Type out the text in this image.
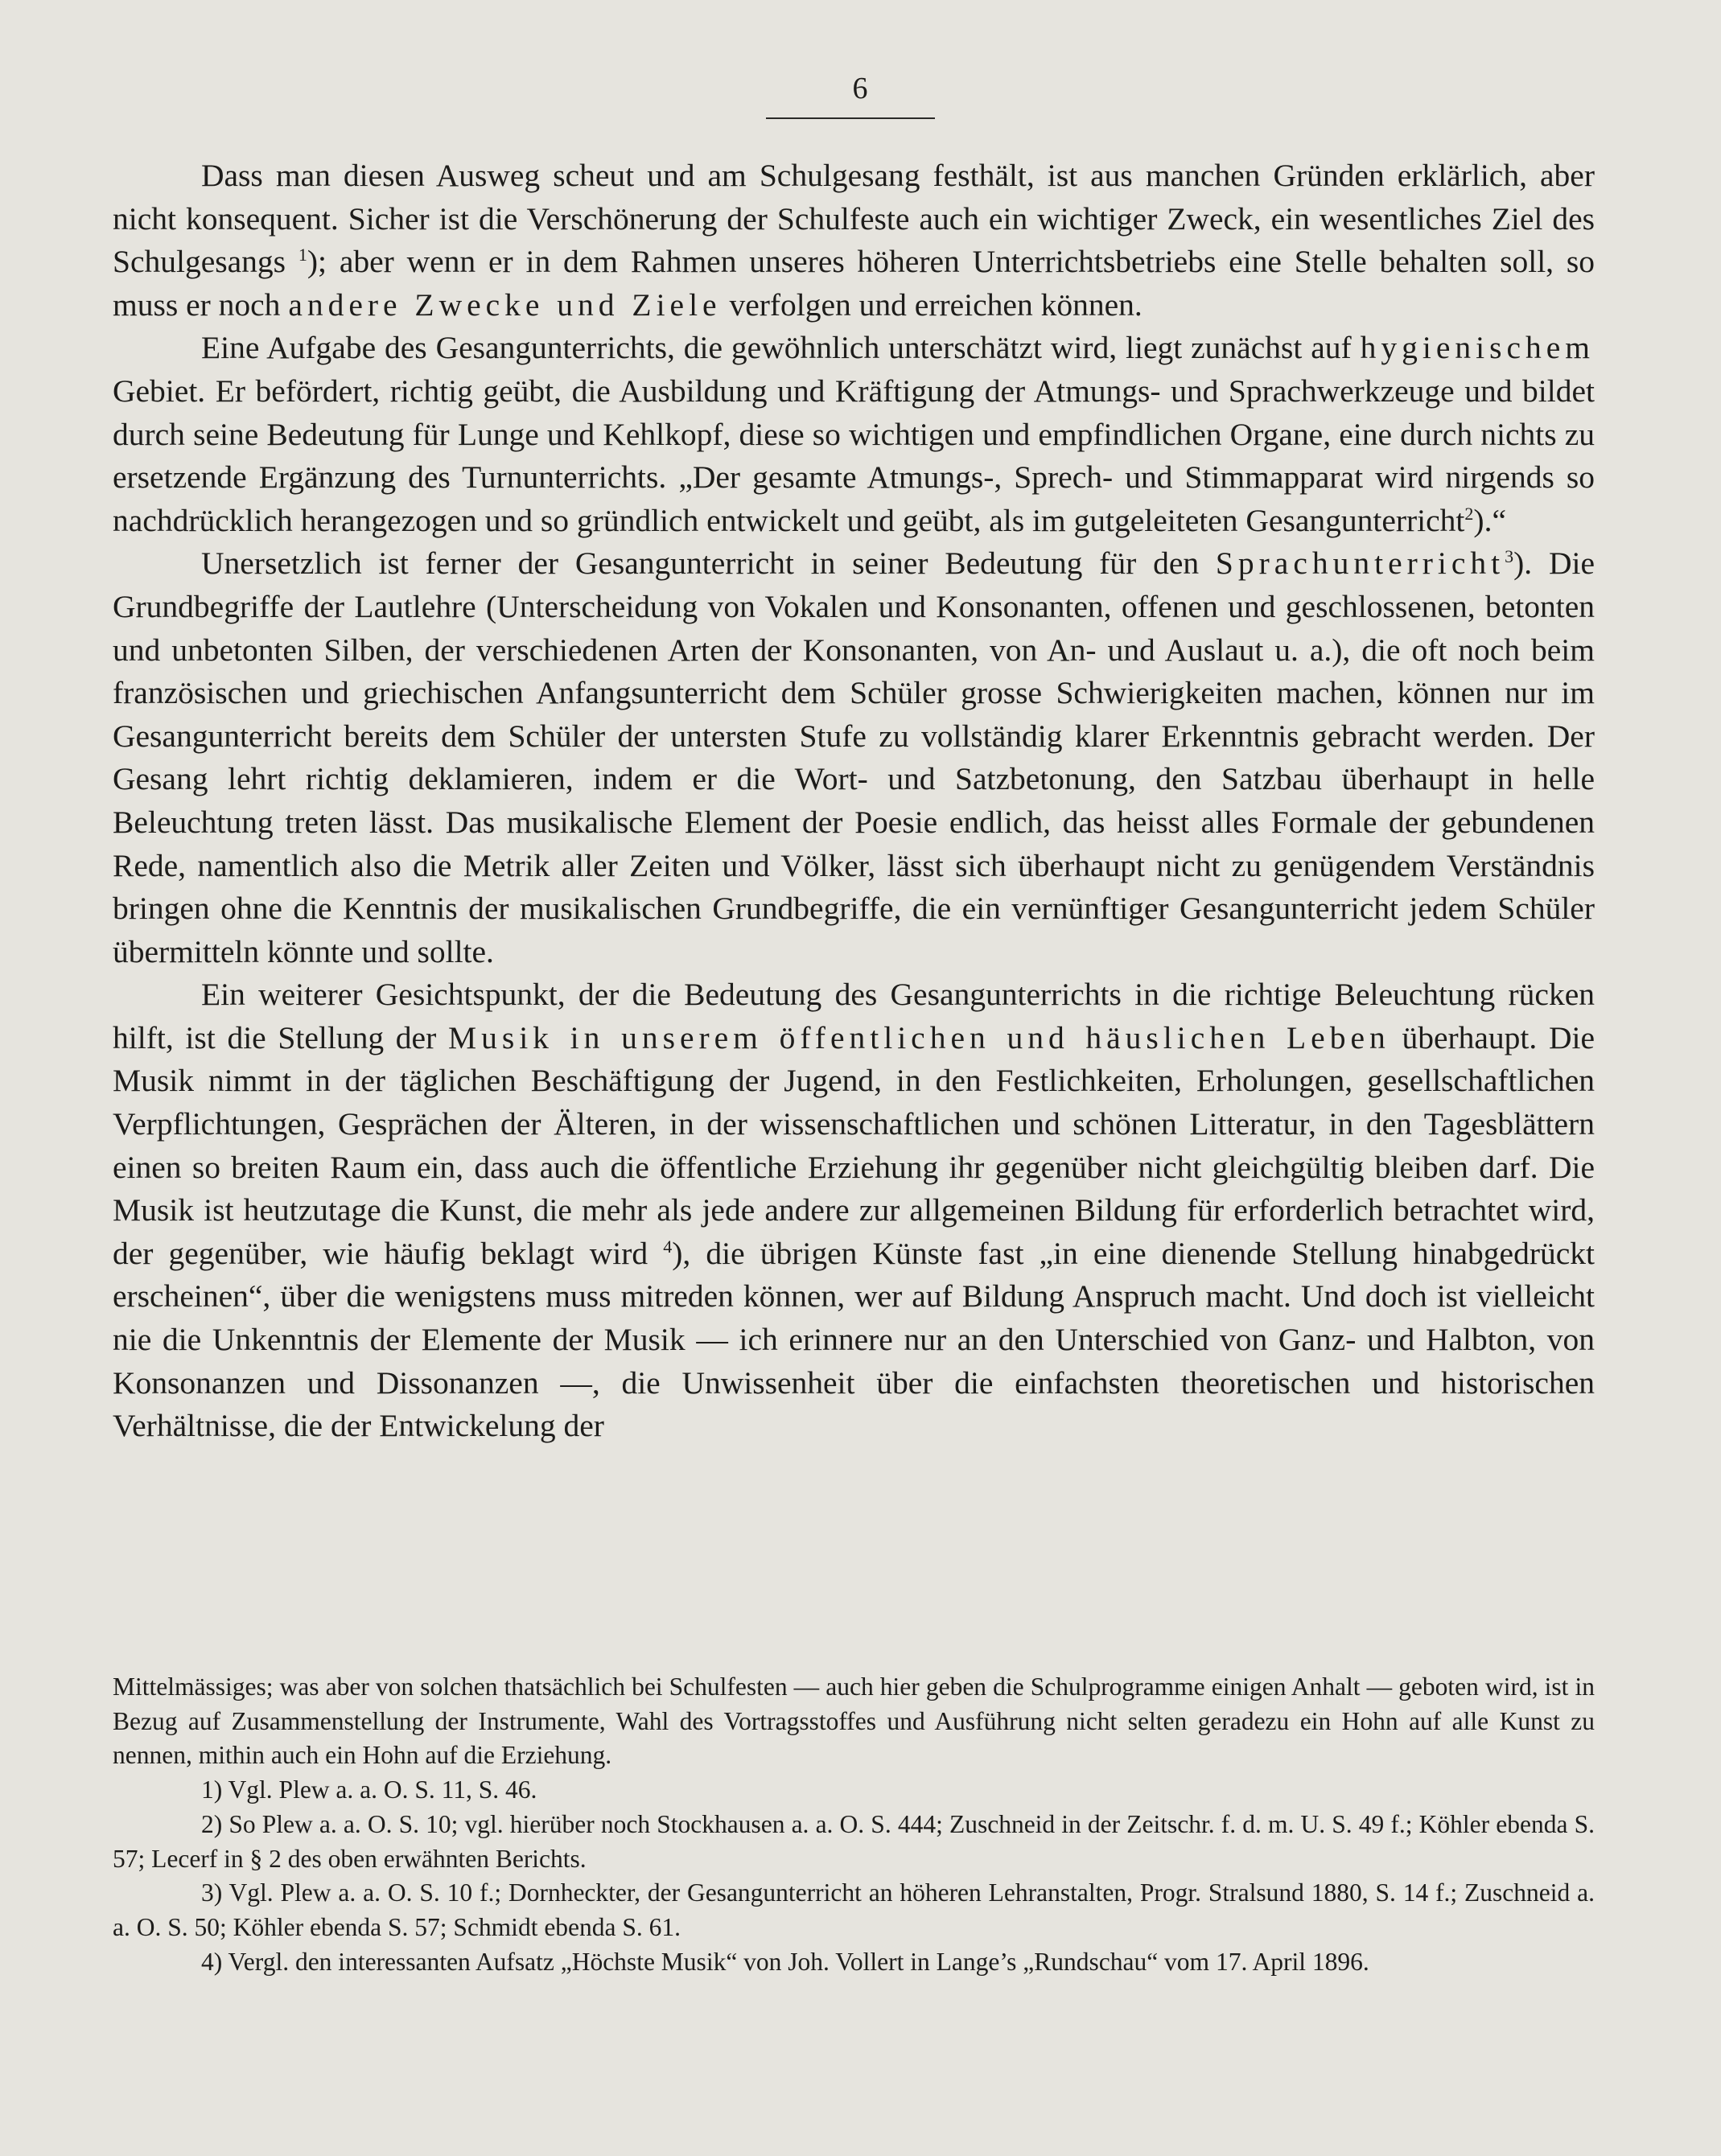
6

Dass man diesen Ausweg scheut und am Schulgesang festhält, ist aus manchen Gründen erklärlich, aber nicht konsequent. Sicher ist die Verschönerung der Schulfeste auch ein wichtiger Zweck, ein wesentliches Ziel des Schulgesangs $^1$); aber wenn er in dem Rahmen unseres höheren Unterrichtsbetriebs eine Stelle behalten soll, so muss er noch andere Zwecke und Ziele verfolgen und erreichen können.

Eine Aufgabe des Gesangunterrichts, die gewöhnlich unterschätzt wird, liegt zunächst auf hygienischem Gebiet. Er befördert, richtig geübt, die Ausbildung und Kräftigung der Atmungs- und Sprachwerkzeuge und bildet durch seine Bedeutung für Lunge und Kehlkopf, diese so wichtigen und empfindlichen Organe, eine durch nichts zu ersetzende Ergänzung des Turnunterrichts. „Der gesamte Atmungs-, Sprech- und Stimmapparat wird nirgends so nachdrücklich herangezogen und so gründlich entwickelt und geübt, als im gutgeleiteten Gesangunterricht$^2$).“

Unersetzlich ist ferner der Gesangunterricht in seiner Bedeutung für den Sprachunterricht$^3$). Die Grundbegriffe der Lautlehre (Unterscheidung von Vokalen und Konsonanten, offenen und geschlossenen, betonten und unbetonten Silben, der verschiedenen Arten der Konsonanten, von An- und Auslaut u. a.), die oft noch beim französischen und griechischen Anfangsunterricht dem Schüler grosse Schwierigkeiten machen, können nur im Gesangunterricht bereits dem Schüler der untersten Stufe zu vollständig klarer Erkenntnis gebracht werden. Der Gesang lehrt richtig deklamieren, indem er die Wort- und Satzbetonung, den Satzbau überhaupt in helle Beleuchtung treten lässt. Das musikalische Element der Poesie endlich, das heisst alles Formale der gebundenen Rede, namentlich also die Metrik aller Zeiten und Völker, lässt sich überhaupt nicht zu genügendem Verständnis bringen ohne die Kenntnis der musikalischen Grundbegriffe, die ein vernünftiger Gesangunterricht jedem Schüler übermitteln könnte und sollte.

Ein weiterer Gesichtspunkt, der die Bedeutung des Gesangunterrichts in die richtige Beleuchtung rücken hilft, ist die Stellung der Musik in unserem öffentlichen und häuslichen Leben überhaupt. Die Musik nimmt in der täglichen Beschäftigung der Jugend, in den Festlichkeiten, Erholungen, gesellschaftlichen Verpflichtungen, Gesprächen der Älteren, in der wissenschaftlichen und schönen Litteratur, in den Tagesblättern einen so breiten Raum ein, dass auch die öffentliche Erziehung ihr gegenüber nicht gleichgültig bleiben darf. Die Musik ist heutzutage die Kunst, die mehr als jede andere zur allgemeinen Bildung für erforderlich betrachtet wird, der gegenüber, wie häufig beklagt wird $^4$), die übrigen Künste fast „in eine dienende Stellung hinabgedrückt erscheinen“, über die wenigstens muss mitreden können, wer auf Bildung Anspruch macht. Und doch ist vielleicht nie die Unkenntnis der Elemente der Musik — ich erinnere nur an den Unterschied von Ganz- und Halbton, von Konsonanzen und Dissonanzen —, die Unwissenheit über die einfachsten theoretischen und historischen Verhältnisse, die der Entwickelung der

Mittelmässiges; was aber von solchen thatsächlich bei Schulfesten — auch hier geben die Schulprogramme einigen Anhalt — geboten wird, ist in Bezug auf Zusammenstellung der Instrumente, Wahl des Vortragsstoffes und Ausführung nicht selten geradezu ein Hohn auf alle Kunst zu nennen, mithin auch ein Hohn auf die Erziehung.

1) Vgl. Plew a. a. O. S. 11, S. 46.

2) So Plew a. a. O. S. 10; vgl. hierüber noch Stockhausen a. a. O. S. 444; Zuschneid in der Zeitschr. f. d. m. U. S. 49 f.; Köhler ebenda S. 57; Lecerf in § 2 des oben erwähnten Berichts.

3) Vgl. Plew a. a. O. S. 10 f.; Dornheckter, der Gesangunterricht an höheren Lehranstalten, Progr. Stralsund 1880, S. 14 f.; Zuschneid a. a. O. S. 50; Köhler ebenda S. 57; Schmidt ebenda S. 61.

4) Vergl. den interessanten Aufsatz „Höchste Musik“ von Joh. Vollert in Lange’s „Rundschau“ vom 17. April 1896.
